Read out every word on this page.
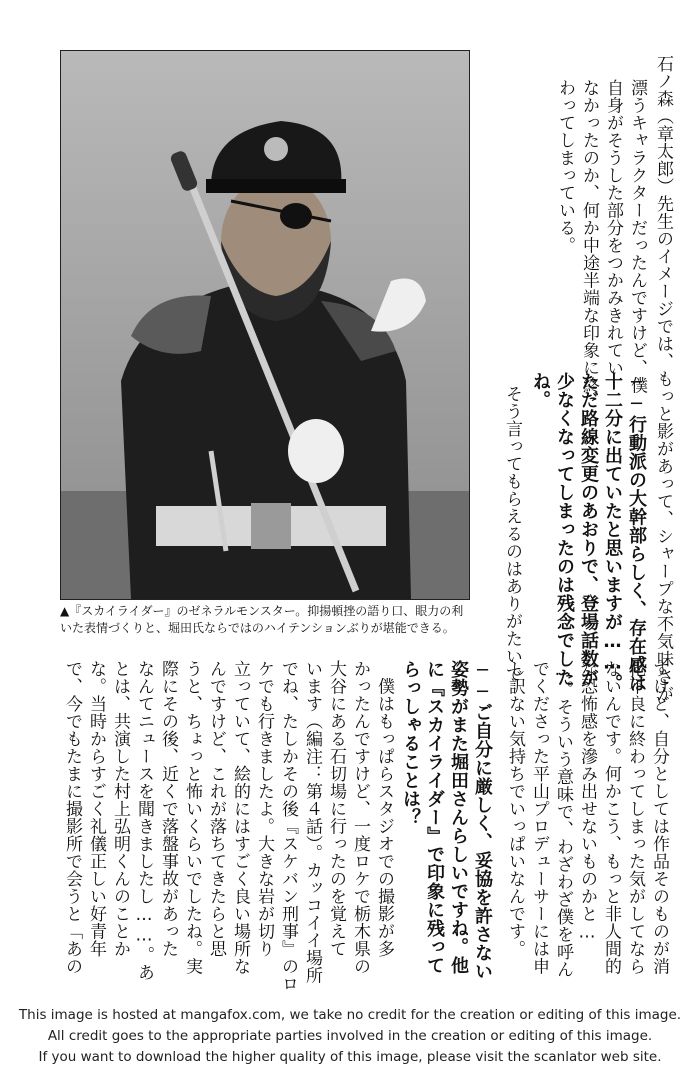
▲『スカイライダー』のゼネラルモンスター。抑揚頓挫の語り口、眼力の利いた表情づくりと、堀田氏ならではのハイテンションぶりが堪能できる。	石ノ森（章太郎）先生のイメージでは、もっと影があって、シャープな不気味さが
漂うキャラクターだったんですけど、僕
自身がそうした部分をつかみきれてい
なかったのか、何か中途半端な印象に終
わってしまっている。
──行動派の大幹部らしく、存在感は
十二分に出ていたと思いますが……。
ただ路線変更のあおりで、登場話数が
少なくなってしまったのは残念でした
ね。
そう言ってもらえるのはありがたいで
すけど、自分としては作品そのものが消
化不良に終わってしまった気がしてなら
ないんです。何かこう、もっと非人間的
な恐怖感を滲み出せないものかと…
…。そういう意味で、わざわざ僕を呼ん
でくださった平山プロデューサーには申
し訳ない気持ちでいっぱいなんです。
──ご自分に厳しく、妥協を許さない
姿勢がまた堀田さんらしいですね。他
に『スカイライダー』で印象に残って
らっしゃることは？
　僕はもっぱらスタジオでの撮影が多
かったんですけど、一度ロケで栃木県の
大谷にある石切場に行ったのを覚えて
います（編注：第４話）。カッコイイ場所
でね、たしかその後『スケバン刑事』のロ
ケでも行きましたよ。大きな岩が切り
立っていて、絵的にはすごく良い場所な
んですけど、これが落ちてきたらと思
うと、ちょっと怖いくらいでしたね。実
際にその後、近くで落盤事故があった
なんてニュースを聞きましたし……。あ
とは、共演した村上弘明くんのことか
な。当時からすごく礼儀正しい好青年
で、今でもたまに撮影所で会うと「あの
This image is hosted at mangafox.com, we take no credit for the creation or editing of this image.
All credit goes to the appropriate parties involved in the creation or editing of this image.
If you want to download the higher quality of this image, please visit the scanlator web site.
